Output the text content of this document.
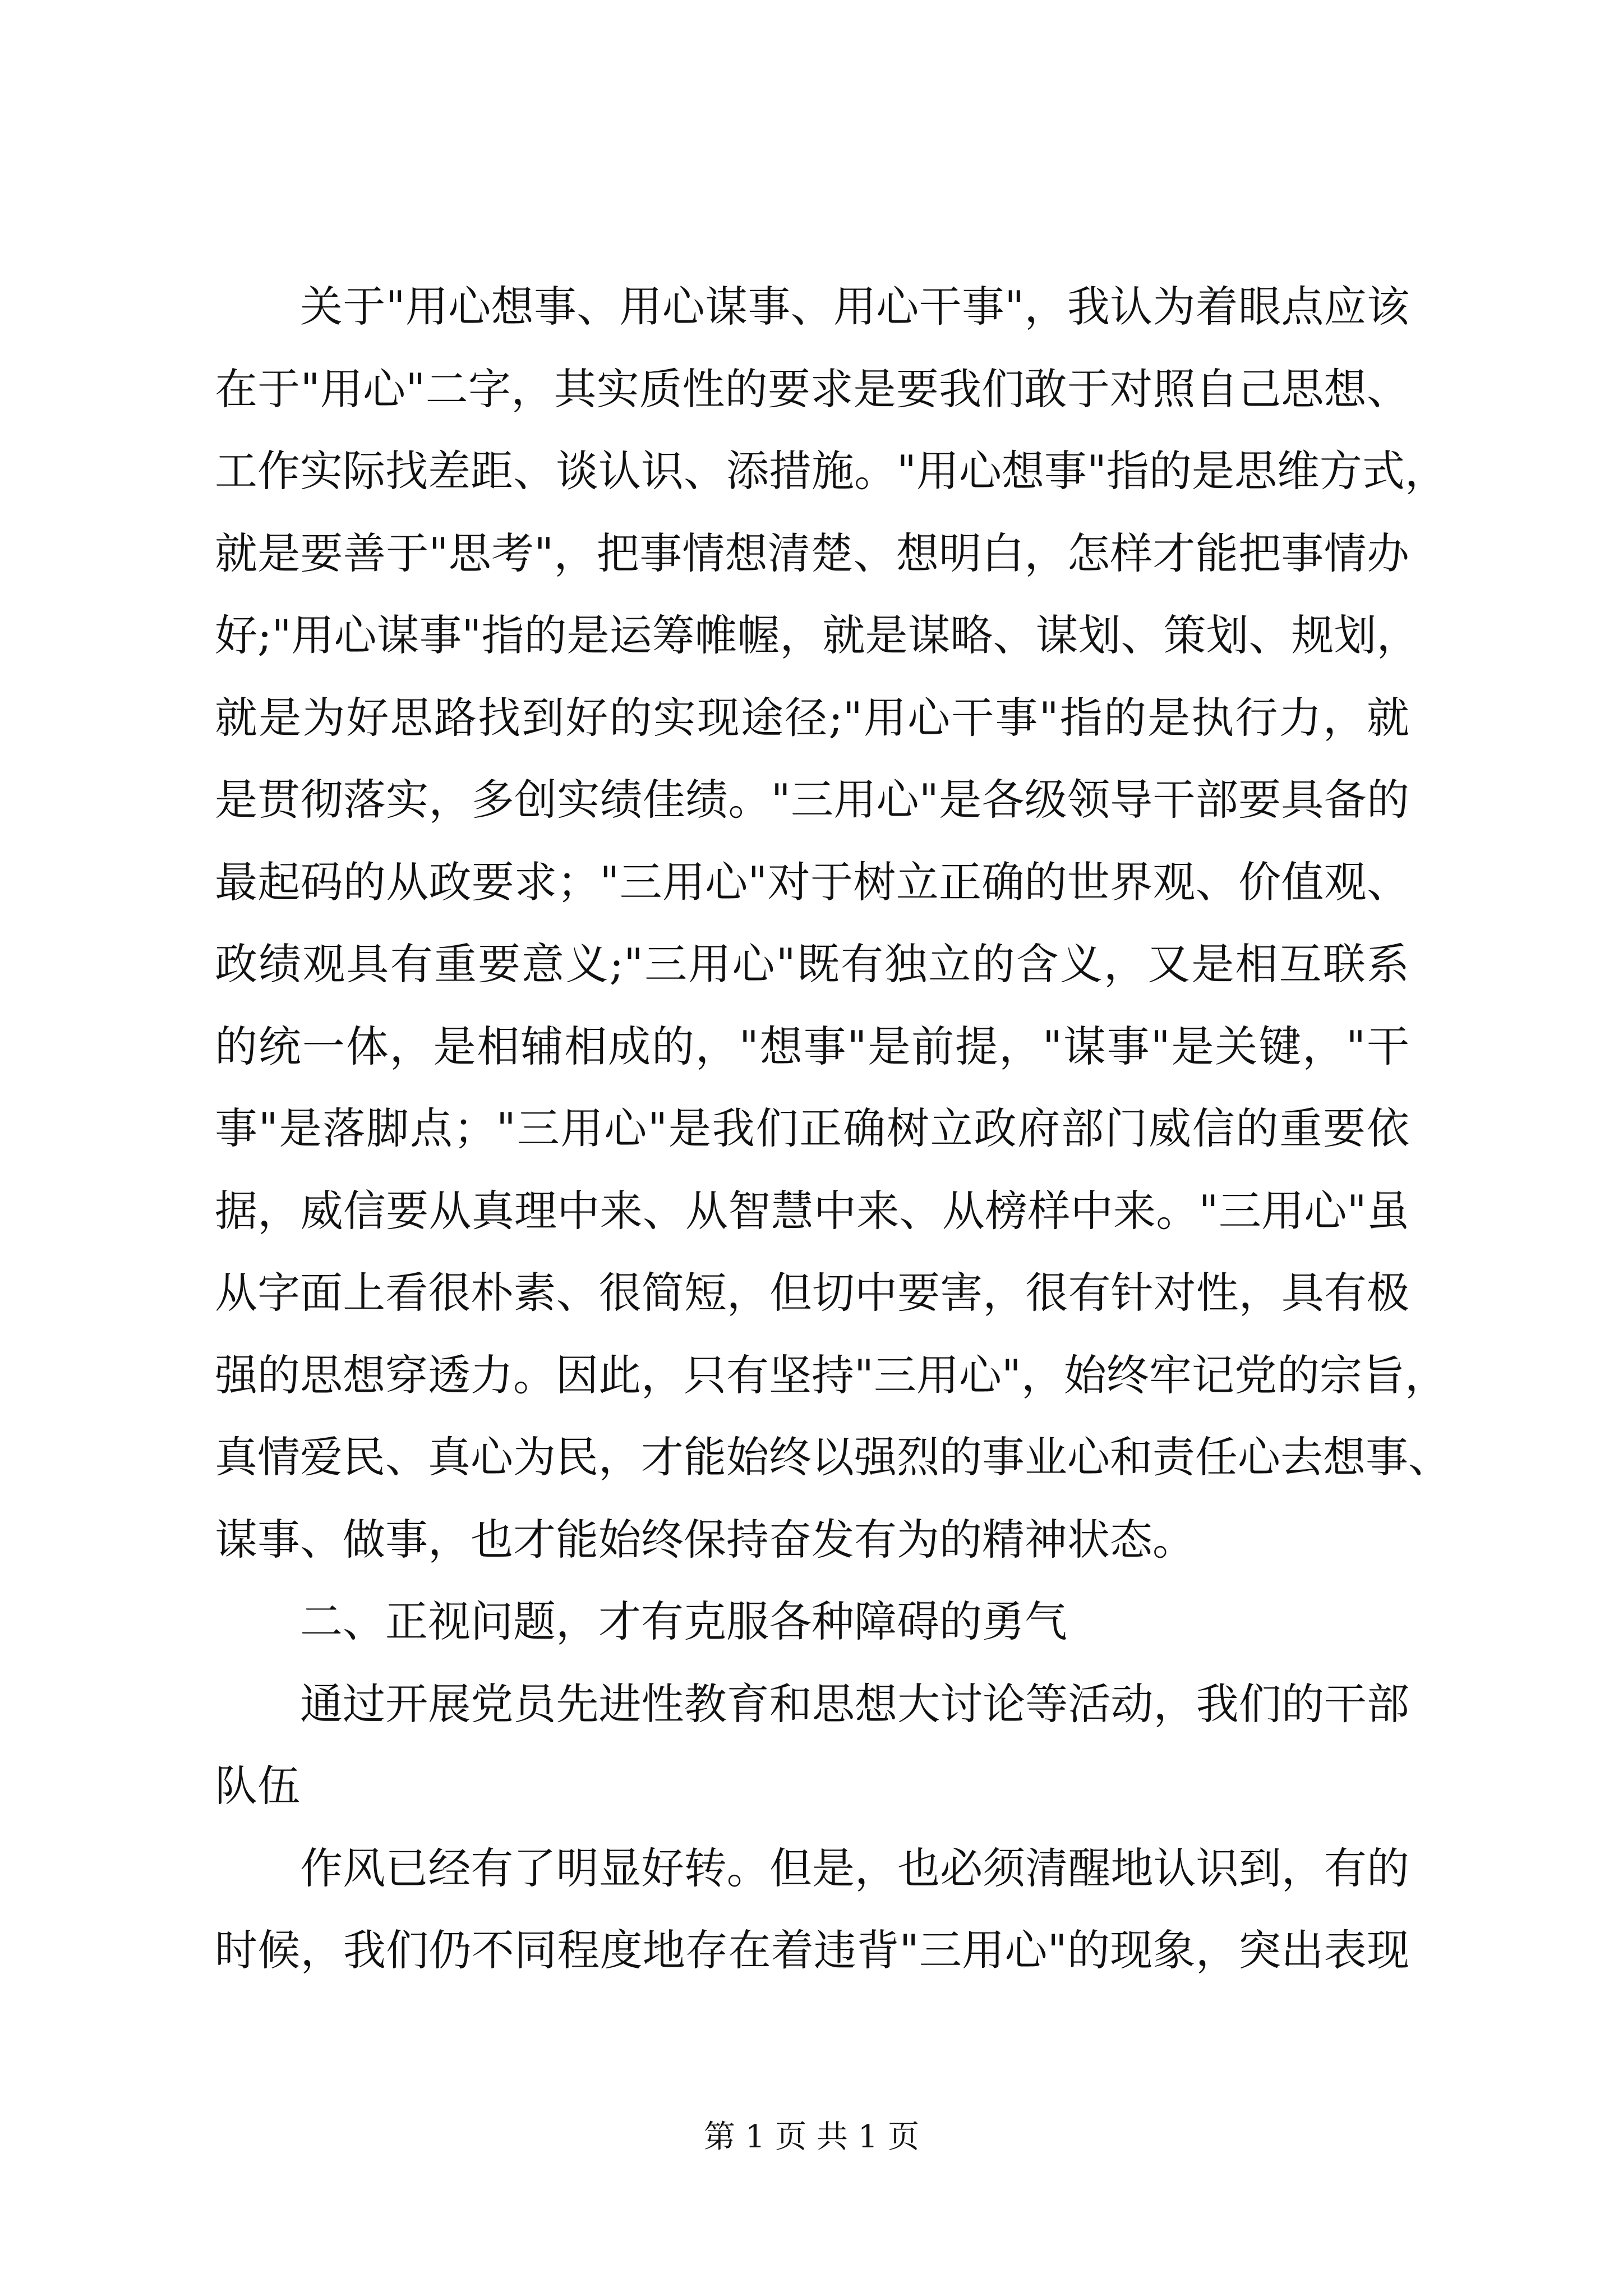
关于"用心想事、用心谋事、用心干事"，我认为着眼点应该
在于"用心"二字，其实质性的要求是要我们敢于对照自己思想、
工作实际找差距、谈认识、添措施。"用心想事"指的是思维方式，
就是要善于"思考"，把事情想清楚、想明白，怎样才能把事情办
好;"用心谋事"指的是运筹帷幄，就是谋略、谋划、策划、规划，
就是为好思路找到好的实现途径;"用心干事"指的是执行力，就
是贯彻落实，多创实绩佳绩。"三用心"是各级领导干部要具备的
最起码的从政要求；"三用心"对于树立正确的世界观、价值观、
政绩观具有重要意义;"三用心"既有独立的含义，又是相互联系
的统一体，是相辅相成的，"想事"是前提，"谋事"是关键，"干
事"是落脚点；"三用心"是我们正确树立政府部门威信的重要依
据，威信要从真理中来、从智慧中来、从榜样中来。"三用心"虽
从字面上看很朴素、很简短，但切中要害，很有针对性，具有极
强的思想穿透力。因此，只有坚持"三用心"，始终牢记党的宗旨，
真情爱民、真心为民，才能始终以强烈的事业心和责任心去想事、
谋事、做事，也才能始终保持奋发有为的精神状态。
二、正视问题，才有克服各种障碍的勇气
通过开展党员先进性教育和思想大讨论等活动，我们的干部
队伍
作风已经有了明显好转。但是，也必须清醒地认识到，有的
时候，我们仍不同程度地存在着违背"三用心"的现象，突出表现
第 1 页 共 1 页
